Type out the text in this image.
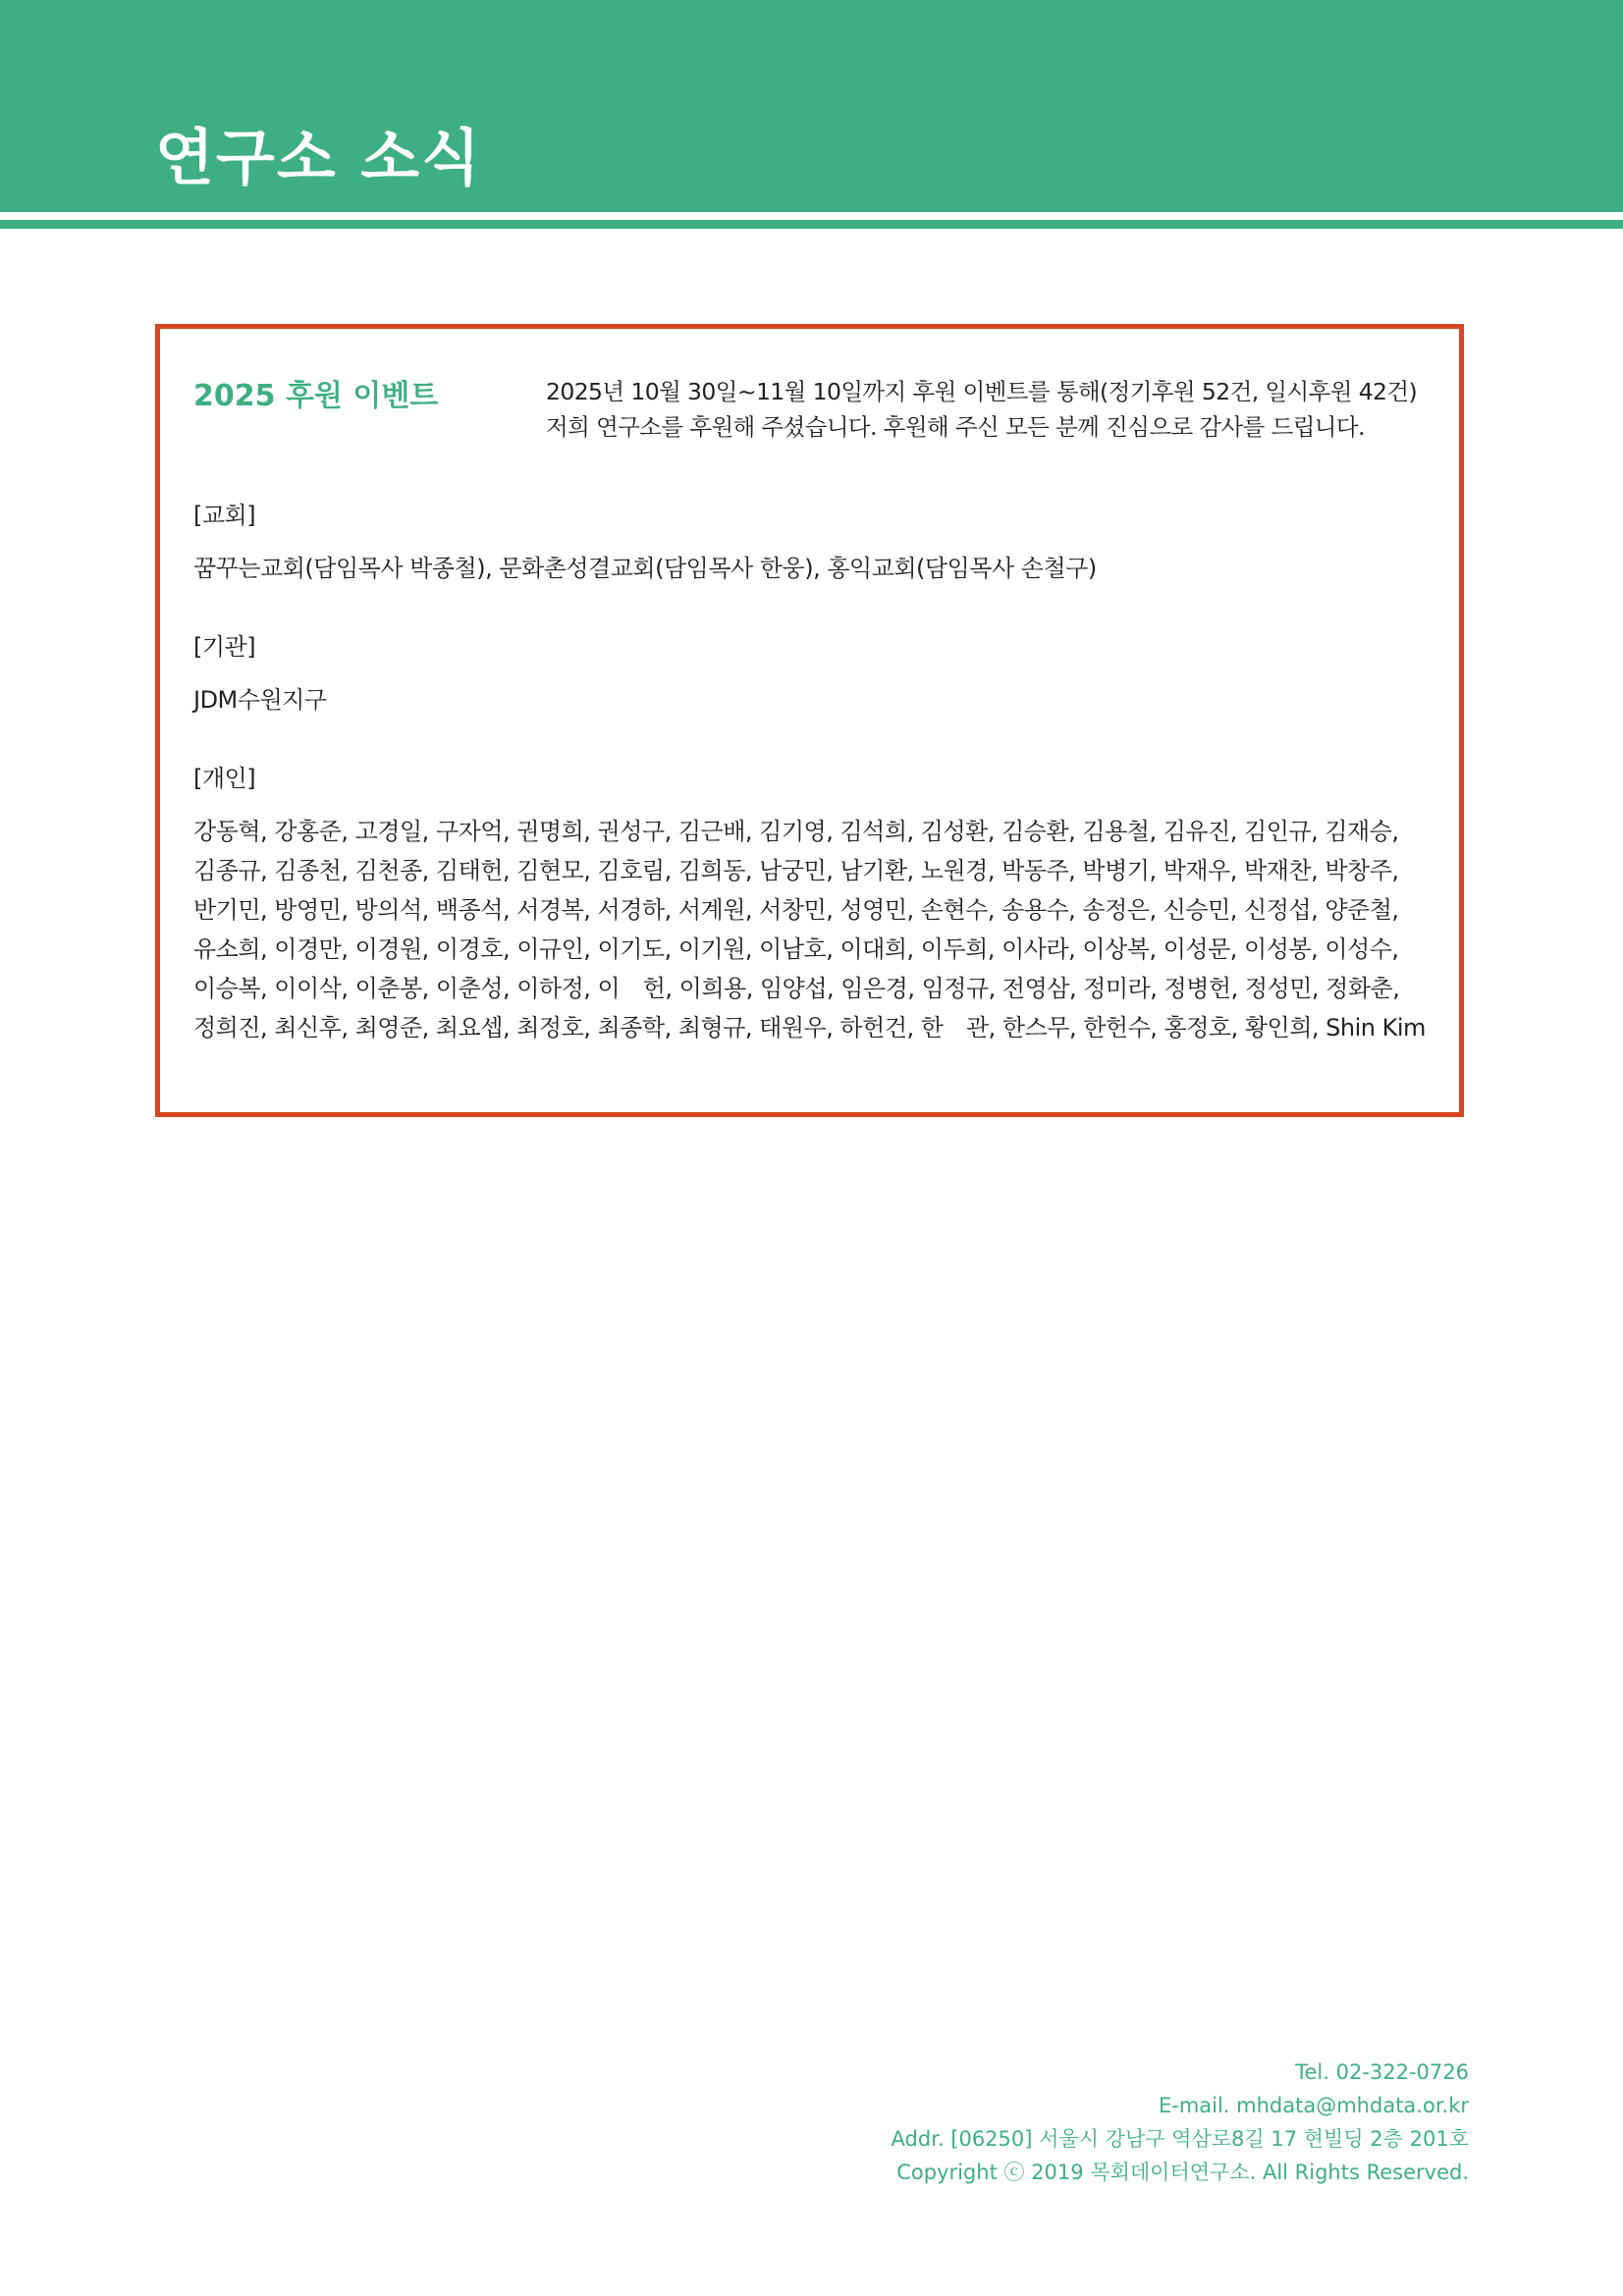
연구소 소식
2025 후원 이벤트	2025년 10월 30일~11월 10일까지 후원 이벤트를 통해(정기후원 52건, 일시후원 42건)
저희 연구소를 후원해 주셨습니다. 후원해 주신 모든 분께 진심으로 감사를 드립니다.
[교회]
꿈꾸는교회(담임목사 박종철), 문화촌성결교회(담임목사 한웅), 홍익교회(담임목사 손철구)
[기관]
JDM수원지구
[개인]
강동혁, 강홍준, 고경일, 구자억, 권명희, 권성구, 김근배, 김기영, 김석희, 김성환, 김승환, 김용철, 김유진, 김인규, 김재승,
김종규, 김종천, 김천종, 김태헌, 김현모, 김호림, 김희동, 남궁민, 남기환, 노원경, 박동주, 박병기, 박재우, 박재찬, 박창주,
반기민, 방영민, 방의석, 백종석, 서경복, 서경하, 서계원, 서창민, 성영민, 손현수, 송용수, 송정은, 신승민, 신정섭, 양준철,
유소희, 이경만, 이경원, 이경호, 이규인, 이기도, 이기원, 이남호, 이대희, 이두희, 이사라, 이상복, 이성문, 이성봉, 이성수,
이승복, 이이삭, 이춘봉, 이춘성, 이하정, 이　헌, 이희용, 임양섭, 임은경, 임정규, 전영삼, 정미라, 정병헌, 정성민, 정화춘,
정희진, 최신후, 최영준, 최요셉, 최정호, 최종학, 최형규, 태원우, 하헌건, 한　관, 한스무, 한헌수, 홍정호, 황인희, Shin Kim
Tel. 02-322-0726
E-mail. mhdata@mhdata.or.kr
Addr. [06250] 서울시 강남구 역삼로8길 17 현빌딩 2층 201호
Copyright ⓒ 2019 목회데이터연구소. All Rights Reserved.
